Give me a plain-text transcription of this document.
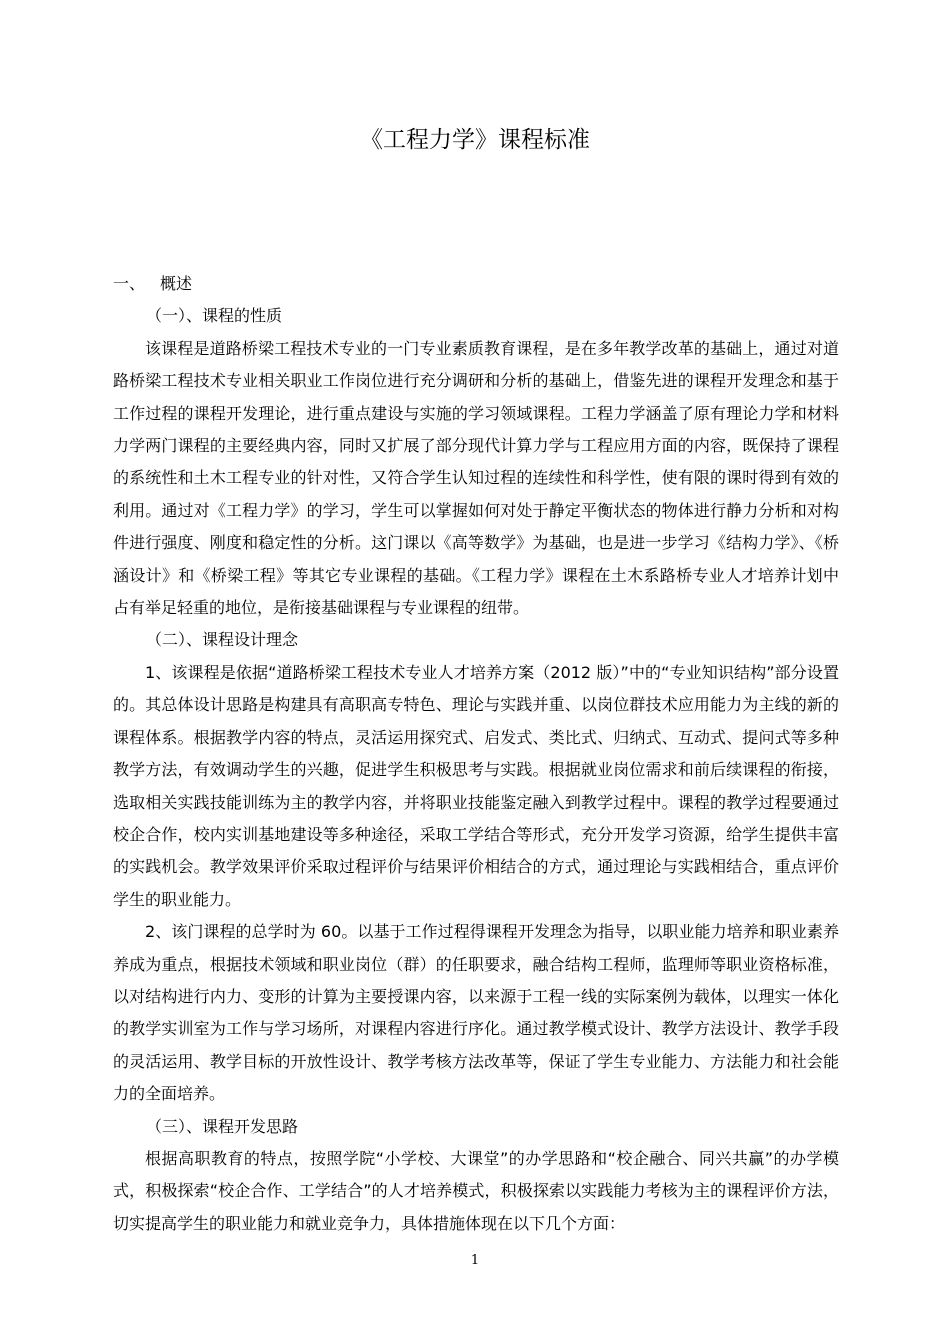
《工程力学》课程标准

一、 概述

（一）、课程的性质

该课程是道路桥梁工程技术专业的一门专业素质教育课程，是在多年教学改革的基础上，通过对道路桥梁工程技术专业相关职业工作岗位进行充分调研和分析的基础上，借鉴先进的课程开发理念和基于工作过程的课程开发理论，进行重点建设与实施的学习领域课程。工程力学涵盖了原有理论力学和材料力学两门课程的主要经典内容，同时又扩展了部分现代计算力学与工程应用方面的内容，既保持了课程的系统性和土木工程专业的针对性，又符合学生认知过程的连续性和科学性，使有限的课时得到有效的利用。通过对《工程力学》的学习，学生可以掌握如何对处于静定平衡状态的物体进行静力分析和对构件进行强度、刚度和稳定性的分析。这门课以《高等数学》为基础，也是进一步学习《结构力学》、《桥涵设计》和《桥梁工程》等其它专业课程的基础。《工程力学》课程在土木系路桥专业人才培养计划中占有举足轻重的地位，是衔接基础课程与专业课程的纽带。

（二）、课程设计理念

1、该课程是依据“道路桥梁工程技术专业人才培养方案（2012 版）”中的“专业知识结构”部分设置的。其总体设计思路是构建具有高职高专特色、理论与实践并重、以岗位群技术应用能力为主线的新的课程体系。根据教学内容的特点，灵活运用探究式、启发式、类比式、归纳式、互动式、提问式等多种教学方法，有效调动学生的兴趣，促进学生积极思考与实践。根据就业岗位需求和前后续课程的衔接，选取相关实践技能训练为主的教学内容，并将职业技能鉴定融入到教学过程中。课程的教学过程要通过校企合作，校内实训基地建设等多种途径，采取工学结合等形式，充分开发学习资源，给学生提供丰富的实践机会。教学效果评价采取过程评价与结果评价相结合的方式，通过理论与实践相结合，重点评价学生的职业能力。

2、该门课程的总学时为 60。以基于工作过程得课程开发理念为指导，以职业能力培养和职业素养养成为重点，根据技术领域和职业岗位（群）的任职要求，融合结构工程师，监理师等职业资格标准，以对结构进行内力、变形的计算为主要授课内容，以来源于工程一线的实际案例为载体，以理实一体化的教学实训室为工作与学习场所，对课程内容进行序化。通过教学模式设计、教学方法设计、教学手段的灵活运用、教学目标的开放性设计、教学考核方法改革等，保证了学生专业能力、方法能力和社会能力的全面培养。

（三）、课程开发思路

根据高职教育的特点，按照学院“小学校、大课堂”的办学思路和“校企融合、同兴共赢”的办学模式，积极探索“校企合作、工学结合”的人才培养模式，积极探索以实践能力考核为主的课程评价方法，切实提高学生的职业能力和就业竞争力，具体措施体现在以下几个方面：

1
